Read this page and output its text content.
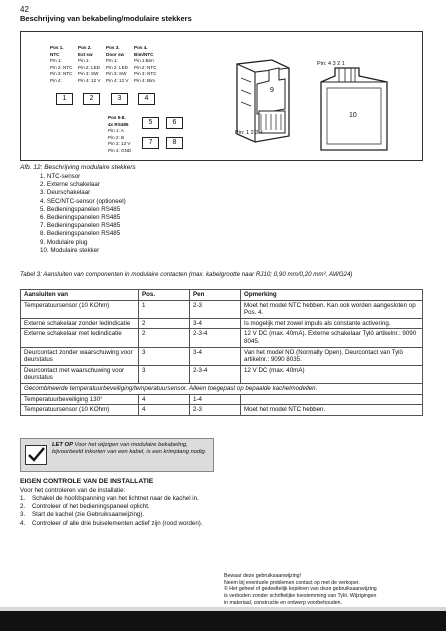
42
Beschrijving van bekabeling/modulaire stekkers
Pos 1.
NTC
Pin 1:
Pin 2: NTC
Pin 3: NTC
Pin 4:
Pos 2.
Ext sw
Pin 1:
Pin 2: LED
Pin 3: SW
Pin 4: 12 V
Pos 3.
Door sw
Pin 1:
Pin 2: LED
Pin 3: SW
Pin 4: 12 V
Pos 4.
Bim/NTC
Pin 1:Bim
Pin 2: NTC
Pin 3: NTC
Pin 4: Bim
1	2	3	4
Pos 5-8.
4x RS485
Pin 1: A
Pin 2: B
Pin 3: 12 V
Pin 4: GND
5	6
7	8
9
Pin: 1 2 3 4
Pin: 4 3 2 1
10
Afb. 12: Beschrijving modulaire stekkers
1. NTC-sensor
2. Externe schakelaar
3. Deurschakelaar
4. SEC/NTC-sensor (optioneel)
5. Bedieningspanelen RS485
6. Bedieningspanelen RS485
7. Bedieningspanelen RS485
8. Bedieningspanelen RS485
9. Modulaire plug
10. Modulaire stekker
Tabel 3: Aansluiten van componenten in modulaire contacten (max. kabelgrootte naar RJ10; 0,90 mm/0,20 mm², AWG24)
Aansluiten van	Pos.	Pen	Opmerking
Temperatuursensor (10 KOhm)	1	2-3	Moet het model NTC hebben. Kan ook worden aangesloten op Pos. 4.
Externe schakelaar zonder ledindicatie	2	3-4	Is mogelijk met zowel impuls als constante activering.
Externe schakelaar met ledindicatie	2	2-3-4	12 V DC (max. 40mA). Externe schakelaar Tylö artikelnr.: 9090 8045.
Deurcontact zonder waarschuwing voor deurstatus	3	3-4	Van het model NO (Normally Open). Deurcontact van Tylö artikelnr.: 9090 8035.
Deurcontact met waarschuwing voor deurstatus	3	2-3-4	12 V DC (max. 40mA)
Gecombineerde temperatuurbeveiliging/temperatuursensor. Alleen toegepast op bepaalde kachelmodellen.			
Temperatuurbeveiliging 130°	4	1-4	
Temperatuursensor (10 KOhm)	4	2-3	Moet het model NTC hebben.
LET OP Voor het wijzigen van modulaire bekabeling, bijvoorbeeld inkorten van een kabel, is een krimptang nodig.
EIGEN CONTROLE VAN DE INSTALLATIE
Voor het controleren van de installatie:
1. Schakel de hoofdspanning van het lichtnet naar de kachel in.
2. Controleer of het bedieningspaneel oplicht.
3. Start de kachel (zie Gebruiksaanwijzing).
4. Controleer of alle drie buiselementen actief zijn (rood worden).
Bewaar deze gebruiksaanwijzing!
Neem bij eventuele problemen contact op met de verkoper.
© Het geheel of gedeeltelijk kopiëren van deze gebruiksaanwijzing
is verboden zonder schriftelijke toestemming van Tylö. Wijzigingen
in materiaal, constructie en ontwerp voorbehouden.
